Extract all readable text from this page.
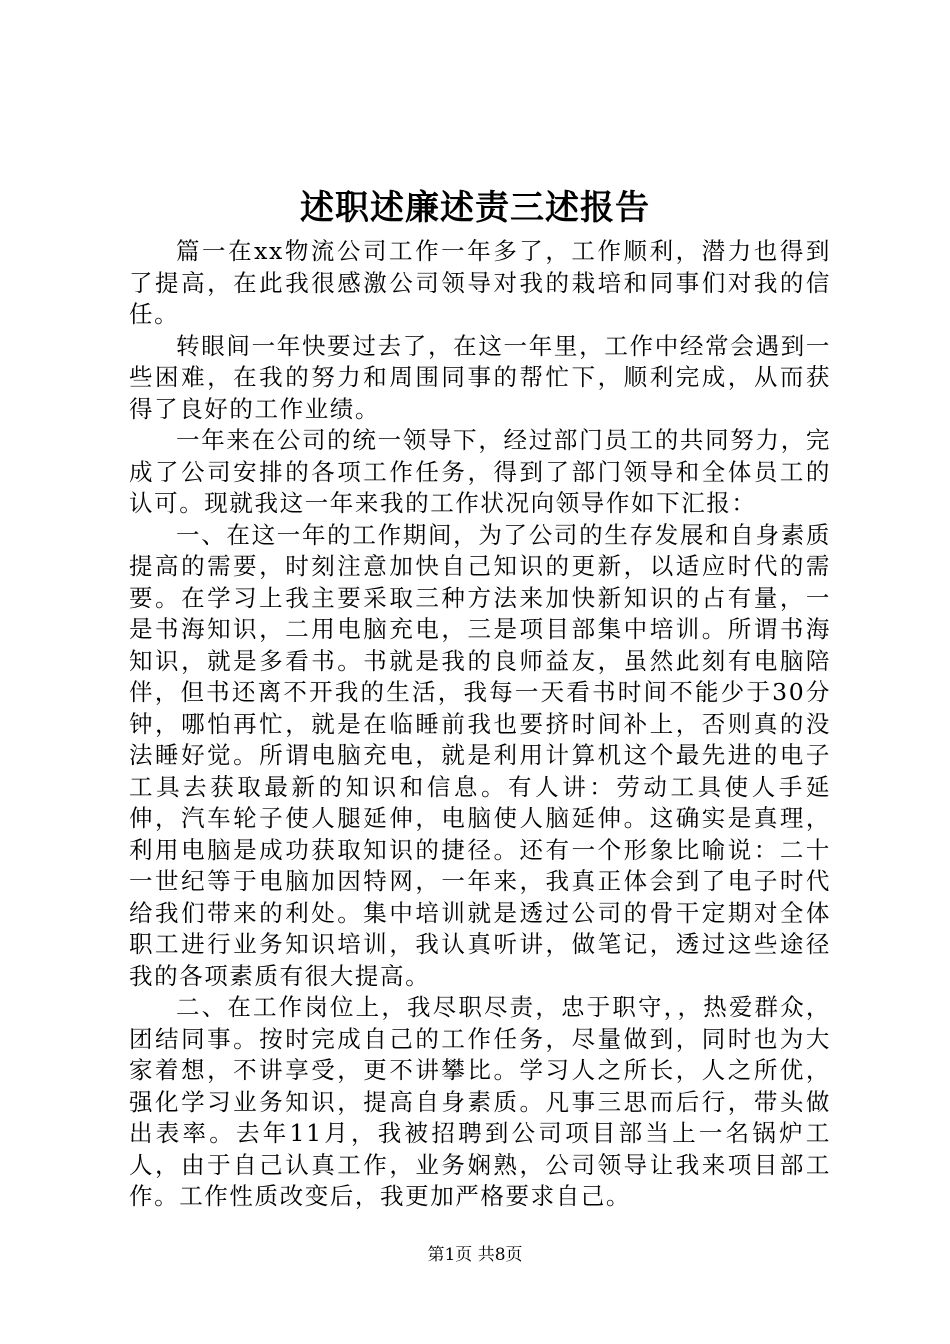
述职述廉述责三述报告

篇一在xx物流公司工作一年多了，工作顺利，潜力也得到了提高，在此我很感激公司领导对我的栽培和同事们对我的信任。

转眼间一年快要过去了，在这一年里，工作中经常会遇到一些困难，在我的努力和周围同事的帮忙下，顺利完成，从而获得了良好的工作业绩。

一年来在公司的统一领导下，经过部门员工的共同努力，完成了公司安排的各项工作任务，得到了部门领导和全体员工的认可。现就我这一年来我的工作状况向领导作如下汇报：

一、在这一年的工作期间，为了公司的生存发展和自身素质提高的需要，时刻注意加快自己知识的更新，以适应时代的需要。在学习上我主要采取三种方法来加快新知识的占有量，一是书海知识，二用电脑充电，三是项目部集中培训。所谓书海知识，就是多看书。书就是我的良师益友，虽然此刻有电脑陪伴，但书还离不开我的生活，我每一天看书时间不能少于30分钟，哪怕再忙，就是在临睡前我也要挤时间补上，否则真的没法睡好觉。所谓电脑充电，就是利用计算机这个最先进的电子工具去获取最新的知识和信息。有人讲：劳动工具使人手延伸，汽车轮子使人腿延伸，电脑使人脑延伸。这确实是真理，利用电脑是成功获取知识的捷径。还有一个形象比喻说：二十一世纪等于电脑加因特网，一年来，我真正体会到了电子时代给我们带来的利处。集中培训就是透过公司的骨干定期对全体职工进行业务知识培训，我认真听讲，做笔记，透过这些途径我的各项素质有很大提高。

二、在工作岗位上，我尽职尽责，忠于职守，，热爱群众，团结同事。按时完成自己的工作任务，尽量做到，同时也为大家着想，不讲享受，更不讲攀比。学习人之所长，人之所优，强化学习业务知识，提高自身素质。凡事三思而后行，带头做出表率。去年11月，我被招聘到公司项目部当上一名锅炉工人，由于自己认真工作，业务娴熟，公司领导让我来项目部工作。工作性质改变后，我更加严格要求自己。

第1页 共8页
